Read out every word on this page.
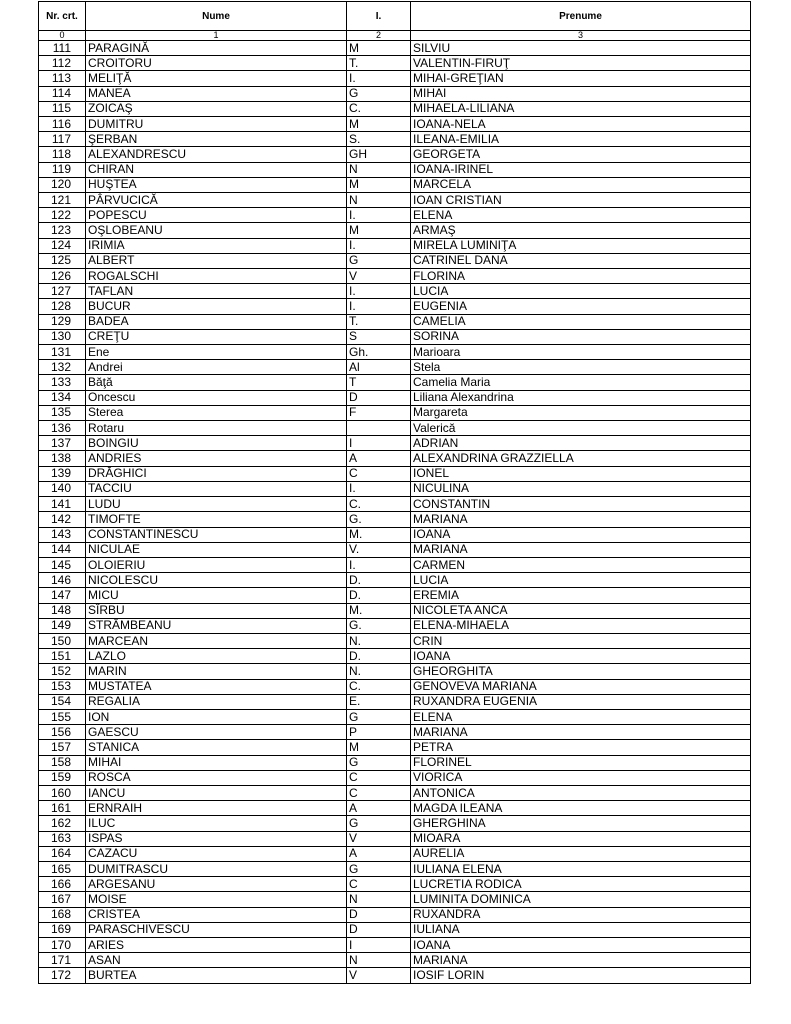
Nr. crt.	Nume	I.	Prenume
0	1	2	3
111	PARAGINĂ	M	SILVIU
112	CROITORU	T.	VALENTIN-FIRUŢ
113	MELIŢĂ	I.	MIHAI-GREŢIAN
114	MANEA	G	MIHAI
115	ZOICAŞ	C.	MIHAELA-LILIANA
116	DUMITRU	M	IOANA-NELA
117	ŞERBAN	S.	ILEANA-EMILIA
118	ALEXANDRESCU	GH	GEORGETA
119	CHIRAN	N	IOANA-IRINEL
120	HUŞTEA	M	MARCELA
121	PÂRVUCICĂ	N	IOAN CRISTIAN
122	POPESCU	I.	ELENA
123	OŞLOBEANU	M	ARMAŞ
124	IRIMIA	I.	MIRELA LUMINIŢA
125	ALBERT	G	CATRINEL DANA
126	ROGALSCHI	V	FLORINA
127	TAFLAN	I.	LUCIA
128	BUCUR	I.	EUGENIA
129	BADEA	T.	CAMELIA
130	CREŢU	S	SORINA
131	Ene	Gh.	Marioara
132	Andrei	Al	Stela
133	Băţă	T	Camelia Maria
134	Oncescu	D	Liliana Alexandrina
135	Sterea	F	Margareta
136	Rotaru		Valerică
137	BOINGIU	I	ADRIAN
138	ANDRIES	A	ALEXANDRINA GRAZZIELLA
139	DRĂGHICI	C	IONEL
140	TACCIU	I.	NICULINA
141	LUDU	C.	CONSTANTIN
142	TIMOFTE	G.	MARIANA
143	CONSTANTINESCU	M.	IOANA
144	NICULAE	V.	MARIANA
145	OLOIERIU	I.	CARMEN
146	NICOLESCU	D.	LUCIA
147	MICU	D.	EREMIA
148	SÎRBU	M.	NICOLETA ANCA
149	STRÂMBEANU	G.	ELENA-MIHAELA
150	MARCEAN	N.	CRIN
151	LAZLO	D.	IOANA
152	MARIN	N.	GHEORGHITA
153	MUSTATEA	C.	GENOVEVA MARIANA
154	REGALIA	E.	RUXANDRA EUGENIA
155	ION	G	ELENA
156	GAESCU	P	MARIANA
157	STANICA	M	PETRA
158	MIHAI	G	FLORINEL
159	ROSCA	C	VIORICA
160	IANCU	C	ANTONICA
161	ERNRAIH	A	MAGDA ILEANA
162	ILUC	G	GHERGHINA
163	ISPAS	V	MIOARA
164	CAZACU	A	AURELIA
165	DUMITRASCU	G	IULIANA ELENA
166	ARGESANU	C	LUCRETIA RODICA
167	MOISE	N	LUMINITA DOMINICA
168	CRISTEA	D	RUXANDRA
169	PARASCHIVESCU	D	IULIANA
170	ARIES	I	IOANA
171	ASAN	N	MARIANA
172	BURTEA	V	IOSIF LORIN
